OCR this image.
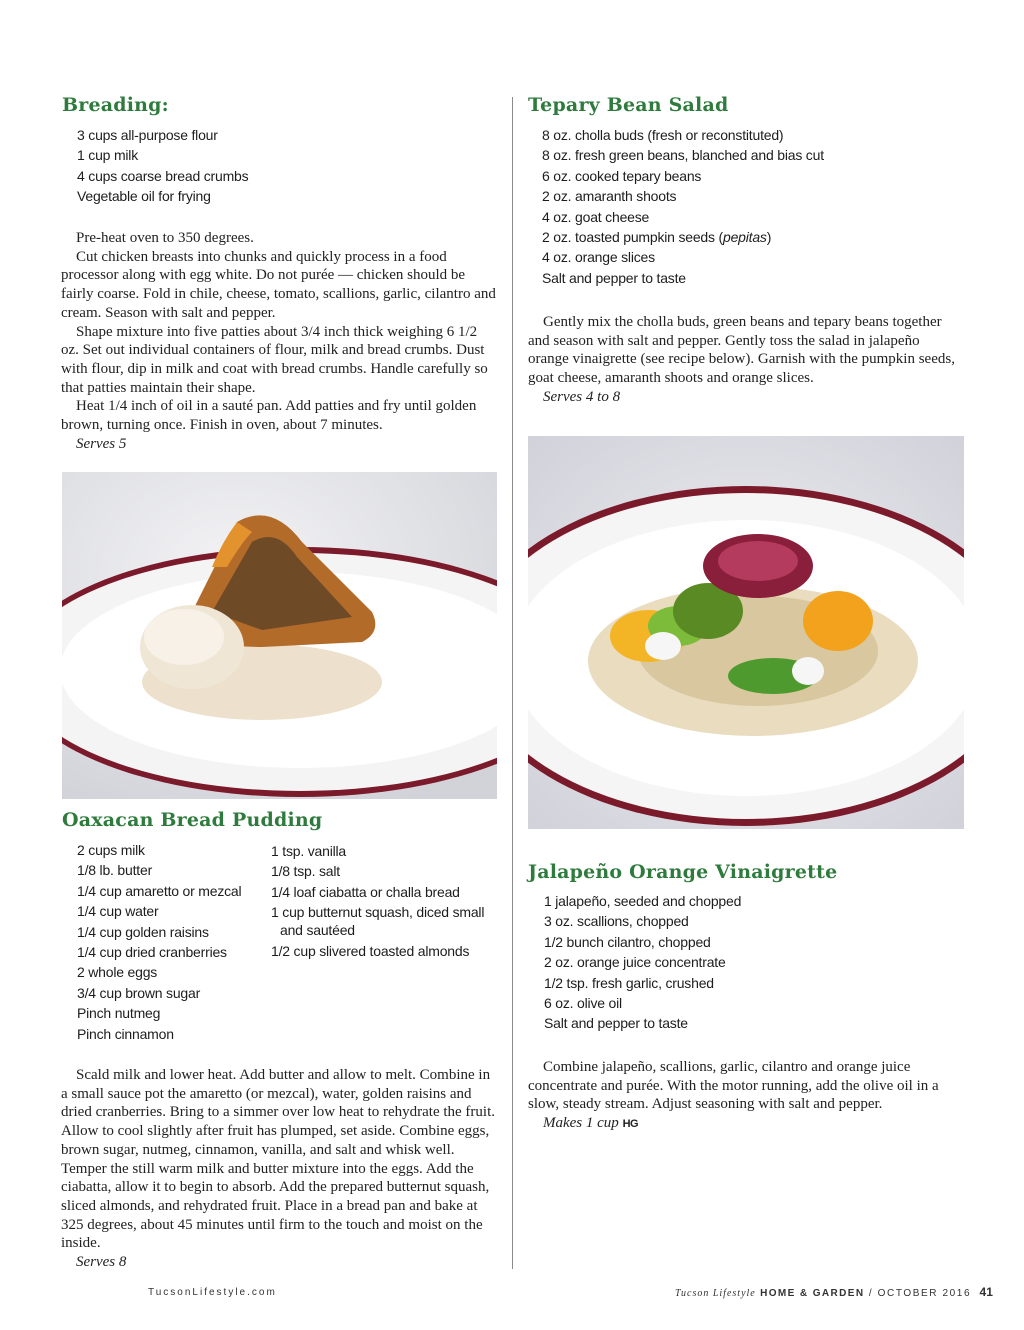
Breading:
3 cups all-purpose flour
1 cup milk
4 cups coarse bread crumbs
Vegetable oil for frying

Pre-heat oven to 350 degrees.

Cut chicken breasts into chunks and quickly process in a food processor along with egg white. Do not purée — chicken should be fairly coarse. Fold in chile, cheese, tomato, scallions, garlic, cilantro and cream. Season with salt and pepper.

Shape mixture into five patties about 3/4 inch thick weighing 6 1/2 oz. Set out individual containers of flour, milk and bread crumbs. Dust with flour, dip in milk and coat with bread crumbs. Handle carefully so that patties maintain their shape.

Heat 1/4 inch of oil in a sauté pan. Add patties and fry until golden brown, turning once. Finish in oven, about 7 minutes.

Serves 5

Oaxacan Bread Pudding
2 cups milk
1/8 lb. butter
1/4 cup amaretto or mezcal
1/4 cup water
1/4 cup golden raisins
1/4 cup dried cranberries
2 whole eggs
3/4 cup brown sugar
Pinch nutmeg
Pinch cinnamon
1 tsp. vanilla
1/8 tsp. salt
1/4 loaf ciabatta or challa bread
1 cup butternut squash, diced small
and sautéed
1/2 cup slivered toasted almonds

Scald milk and lower heat. Add butter and allow to melt. Combine in a small sauce pot the amaretto (or mezcal), water, golden raisins and dried cranberries. Bring to a simmer over low heat to rehydrate the fruit. Allow to cool slightly after fruit has plumped, set aside. Combine eggs, brown sugar, nutmeg, cinnamon, vanilla, and salt and whisk well. Temper the still warm milk and butter mixture into the eggs. Add the ciabatta, allow it to begin to absorb. Add the prepared butternut squash, sliced almonds, and rehydrated fruit. Place in a bread pan and bake at 325 degrees, about 45 minutes until firm to the touch and moist on the inside.

Serves 8

Tepary Bean Salad
8 oz. cholla buds (fresh or reconstituted)
8 oz. fresh green beans, blanched and bias cut
6 oz. cooked tepary beans
2 oz. amaranth shoots
4 oz. goat cheese
2 oz. toasted pumpkin seeds (pepitas)
4 oz. orange slices
Salt and pepper to taste

Gently mix the cholla buds, green beans and tepary beans together and season with salt and pepper. Gently toss the salad in jalapeño orange vinaigrette (see recipe below). Garnish with the pumpkin seeds, goat cheese, amaranth shoots and orange slices.

Serves 4 to 8

Jalapeño Orange Vinaigrette
1 jalapeño, seeded and chopped
3 oz. scallions, chopped
1/2 bunch cilantro, chopped
2 oz. orange juice concentrate
1/2 tsp. fresh garlic, crushed
6 oz. olive oil
Salt and pepper to taste

Combine jalapeño, scallions, garlic, cilantro and orange juice concentrate and purée. With the motor running, add the olive oil in a slow, steady stream. Adjust seasoning with salt and pepper.

Makes 1 cup HG

TucsonLifestyle.com	Tucson Lifestyle HOME & GARDEN / OCTOBER 2016 41
